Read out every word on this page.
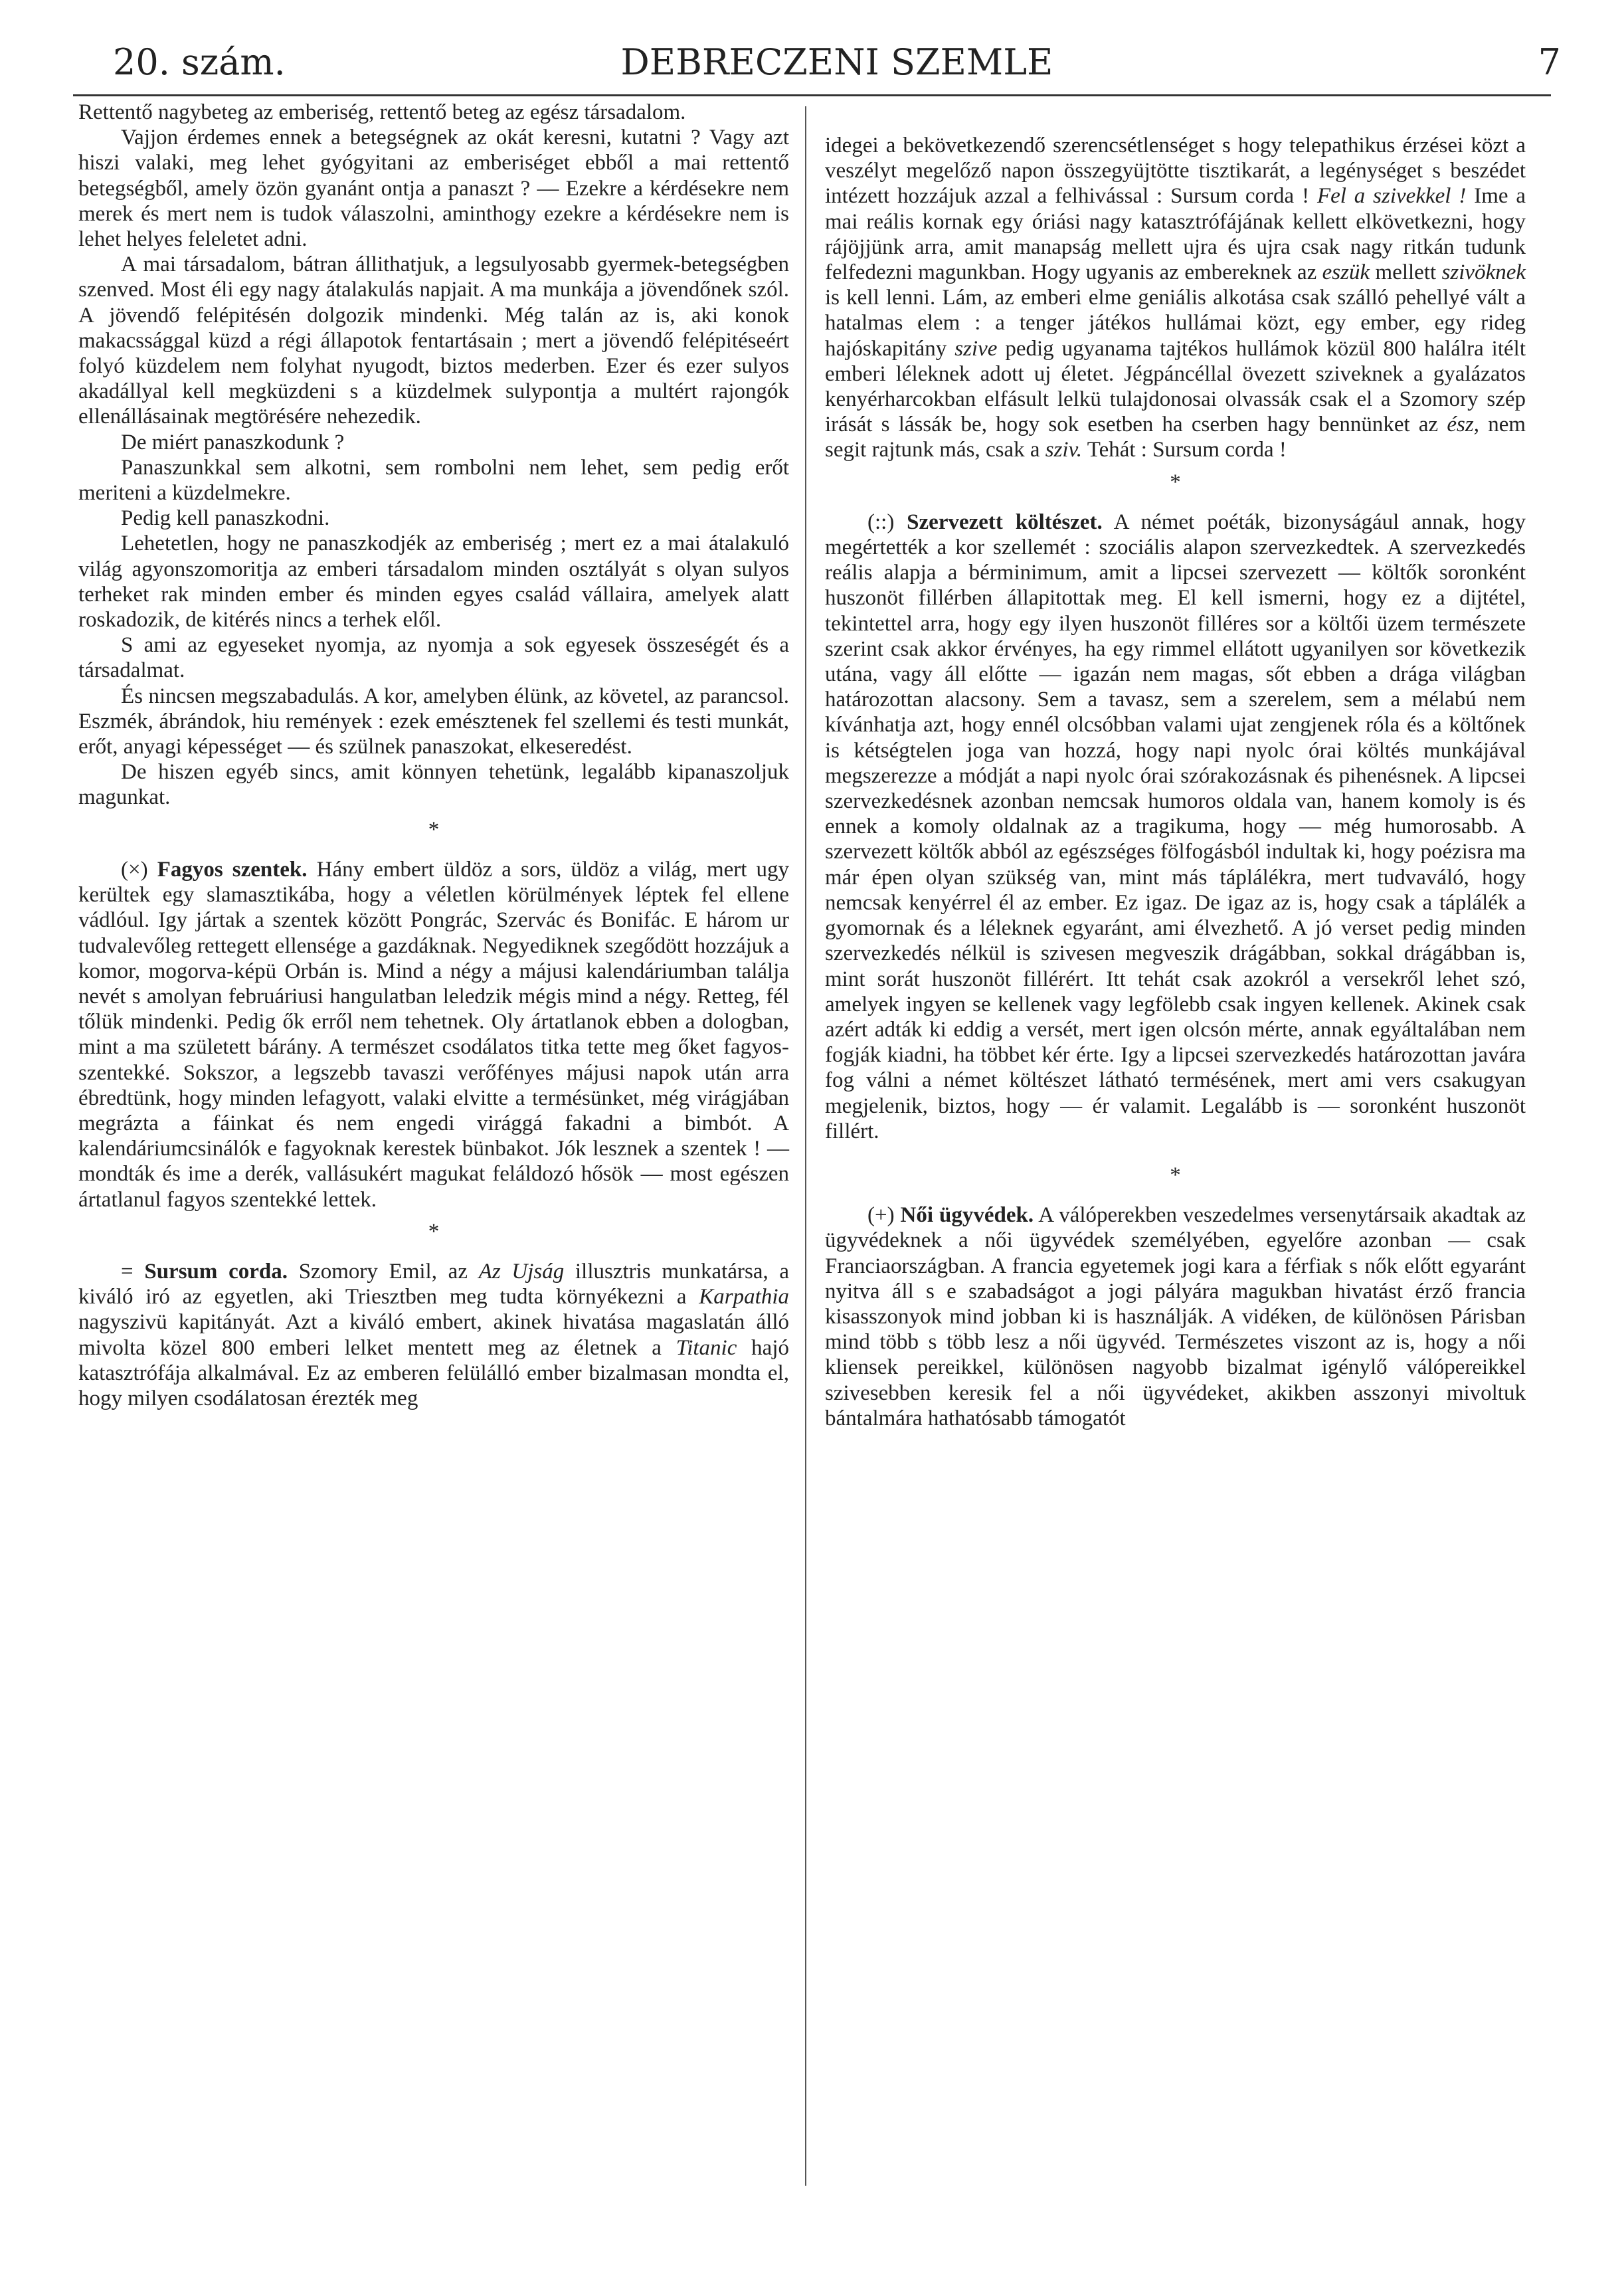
DEBRECZENI SZEMLE
20. szám.	7

Rettentő nagybeteg az emberiség, rettentő beteg az egész társadalom.

Vajjon érdemes ennek a betegségnek az okát keresni, kutatni ? Vagy azt hiszi valaki, meg lehet gyógyitani az emberiséget ebből a mai rettentő betegségből, amely özön gyanánt ontja a panaszt ? — Ezekre a kérdésekre nem merek és mert nem is tudok válaszolni, aminthogy ezekre a kérdésekre nem is lehet helyes feleletet adni.

A mai társadalom, bátran állithatjuk, a legsulyosabb gyermek-betegségben szenved. Most éli egy nagy átalakulás napjait. A ma munkája a jövendőnek szól. A jövendő felépitésén dolgozik mindenki. Még talán az is, aki konok makacssággal küzd a régi állapotok fentartásain ; mert a jövendő felépitéseért folyó küzdelem nem folyhat nyugodt, biztos mederben. Ezer és ezer sulyos akadállyal kell megküzdeni s a küzdelmek sulypontja a multért rajongók ellenállásainak megtörésére nehezedik.

De miért panaszkodunk ?

Panaszunkkal sem alkotni, sem rombolni nem lehet, sem pedig erőt meriteni a küzdelmekre.

Pedig kell panaszkodni.

Lehetetlen, hogy ne panaszkodjék az emberiség ; mert ez a mai átalakuló világ agyonszomoritja az emberi társadalom minden osztályát s olyan sulyos terheket rak minden ember és minden egyes család vállaira, amelyek alatt roskadozik, de kitérés nincs a terhek elől.

S ami az egyeseket nyomja, az nyomja a sok egyesek összeségét és a társadalmat.

És nincsen megszabadulás. A kor, amelyben élünk, az követel, az parancsol. Eszmék, ábrándok, hiu remények : ezek emésztenek fel szellemi és testi munkát, erőt, anyagi képességet — és szülnek panaszokat, elkeseredést.

De hiszen egyéb sincs, amit könnyen tehetünk, legalább kipanaszoljuk magunkat.

*

(×) Fagyos szentek. Hány embert üldöz a sors, üldöz a világ, mert ugy kerültek egy slamasztikába, hogy a véletlen körülmények léptek fel ellene vádlóul. Igy jártak a szentek között Pongrác, Szervác és Bonifác. E három ur tudvalevőleg rettegett ellensége a gazdáknak. Negyediknek szegődött hozzájuk a komor, mogorva-képü Orbán is. Mind a négy a májusi kalendáriumban találja nevét s amolyan februáriusi hangulatban leledzik mégis mind a négy. Retteg, fél tőlük mindenki. Pedig ők erről nem tehetnek. Oly ártatlanok ebben a dologban, mint a ma született bárány. A természet csodálatos titka tette meg őket fagyos-szentekké. Sokszor, a legszebb tavaszi verőfényes májusi napok után arra ébredtünk, hogy minden lefagyott, valaki elvitte a termésünket, még virágjában megrázta a fáinkat és nem engedi virággá fakadni a bimbót. A kalendáriumcsinálók e fagyoknak kerestek bünbakot. Jók lesznek a szentek ! — mondták és ime a derék, vallásukért magukat feláldozó hősök — most egészen ártatlanul fagyos szentekké lettek.

*

= Sursum corda. Szomory Emil, az Az Ujság illusztris munkatársa, a kiváló iró az egyetlen, aki Triesztben meg tudta környékezni a Karpathia nagyszivü kapitányát. Azt a kiváló embert, akinek hivatása magaslatán álló mivolta közel 800 emberi lelket mentett meg az életnek a Titanic hajó katasztrófája alkalmával. Ez az emberen felülálló ember bizalmasan mondta el, hogy milyen csodálatosan érezték meg

idegei a bekövetkezendő szerencsétlenséget s hogy telepathikus érzései közt a veszélyt megelőző napon összegyüjtötte tisztikarát, a legénységet s beszédet intézett hozzájuk azzal a felhivással : Sursum corda ! Fel a szivekkel ! Ime a mai reális kornak egy óriási nagy katasztrófájának kellett elkövetkezni, hogy rájöjjünk arra, amit manapság mellett ujra és ujra csak nagy ritkán tudunk felfedezni magunkban. Hogy ugyanis az embereknek az eszük mellett szivöknek is kell lenni. Lám, az emberi elme geniális alkotása csak szálló pehellyé vált a hatalmas elem : a tenger játékos hullámai közt, egy ember, egy rideg hajóskapitány szive pedig ugyanama tajtékos hullámok közül 800 halálra itélt emberi léleknek adott uj életet. Jégpáncéllal övezett sziveknek a gyalázatos kenyérharcokban elfásult lelkü tulajdonosai olvassák csak el a Szomory szép irását s lássák be, hogy sok esetben ha cserben hagy bennünket az ész, nem segit rajtunk más, csak a sziv. Tehát : Sursum corda !

*

(::) Szervezett költészet. A német poéták, bizonyságául annak, hogy megértették a kor szellemét : szociális alapon szervezkedtek. A szervezkedés reális alapja a bérminimum, amit a lipcsei szervezett — költők soronként huszonöt fillérben állapitottak meg. El kell ismerni, hogy ez a dijtétel, tekintettel arra, hogy egy ilyen huszonöt filléres sor a költői üzem természete szerint csak akkor érvényes, ha egy rimmel ellátott ugyanilyen sor következik utána, vagy áll előtte — igazán nem magas, sőt ebben a drága világban határozottan alacsony. Sem a tavasz, sem a szerelem, sem a mélabú nem kívánhatja azt, hogy ennél olcsóbban valami ujat zengjenek róla és a költőnek is kétségtelen joga van hozzá, hogy napi nyolc órai költés munkájával megszerezze a módját a napi nyolc órai szórakozásnak és pihenésnek. A lipcsei szervezkedésnek azonban nemcsak humoros oldala van, hanem komoly is és ennek a komoly oldalnak az a tragikuma, hogy — még humorosabb. A szervezett költők abból az egészséges fölfogásból indultak ki, hogy poézisra ma már épen olyan szükség van, mint más táplálékra, mert tudvaváló, hogy nemcsak kenyérrel él az ember. Ez igaz. De igaz az is, hogy csak a táplálék a gyomornak és a léleknek egyaránt, ami élvezhető. A jó verset pedig minden szervezkedés nélkül is szivesen megveszik drágábban, sokkal drágábban is, mint sorát huszonöt fillérért. Itt tehát csak azokról a versekről lehet szó, amelyek ingyen se kellenek vagy legfölebb csak ingyen kellenek. Akinek csak azért adták ki eddig a versét, mert igen olcsón mérte, annak egyáltalában nem fogják kiadni, ha többet kér érte. Igy a lipcsei szervezkedés határozottan javára fog válni a német költészet látható termésének, mert ami vers csakugyan megjelenik, biztos, hogy — ér valamit. Legalább is — soronként huszonöt fillért.

*

(+) Női ügyvédek. A válóperekben veszedelmes versenytársaik akadtak az ügyvédeknek a női ügyvédek személyében, egyelőre azonban — csak Franciaországban. A francia egyetemek jogi kara a férfiak s nők előtt egyaránt nyitva áll s e szabadságot a jogi pályára magukban hivatást érző francia kisasszonyok mind jobban ki is használják. A vidéken, de különösen Párisban mind több s több lesz a női ügyvéd. Természetes viszont az is, hogy a női kliensek pereikkel, különösen nagyobb bizalmat igénylő válópereikkel szivesebben keresik fel a női ügyvédeket, akikben asszonyi mivoltuk bántalmára hathatósabb támogatót
